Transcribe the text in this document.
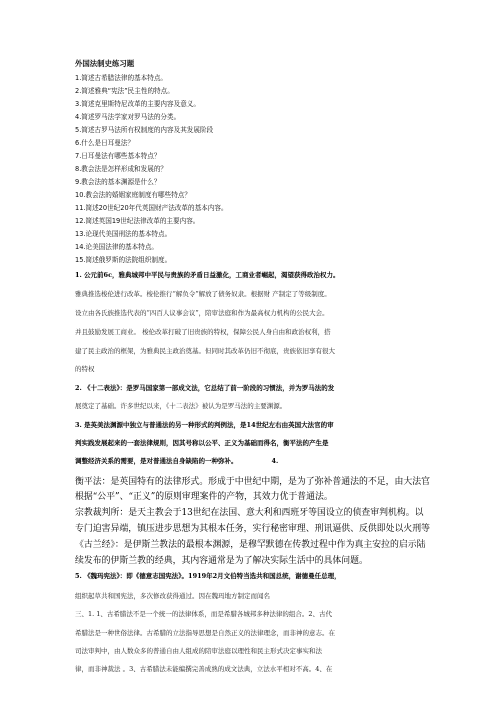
外国法制史练习题
1.简述古希腊法律的基本特点。
2.简述雅典“宪法”民主性的特点。
3.简述克里斯特尼改革的主要内容及意义。
4.简述罗马法学家对罗马法的分类。
5.简述古罗马法所有权制度的内容及其发展阶段
6.什么是日耳曼法？
7.日耳曼法有哪些基本特点？
8.教会法是怎样形成和发展的？
9.教会法的基本渊源是什么？
10.教会法的婚姻家庭制度有哪些特点？
11.简述20世纪20年代英国财产法改革的基本内容。
12.简述英国19世纪法律改革的主要内容。
13.论现代美国刑法的基本特点。
14.论美国法律的基本特点。
15.简述俄罗斯的法院组织制度。
1. 公元前6c，雅典城邦中平民与贵族的矛盾日益激化，工商业者崛起，渴望获得政治权力。
雅典推选梭伦进行改革。梭伦推行“解负令”解放了债务奴隶。根据财 产制定了等级制度。
设立由各氏族推选代表的“四百人议事会议”，陪审法庭和作为最高权力机构的公民大会。
并且鼓励发展工商业。 梭伦改革打破了旧贵族的特权，保障公民人身自由和政治权利，搭
建了民主政治的框架，为雅典民主政治奠基。但同时其改革仍旧不彻底，贵族依旧享有很大
的特权
2. 《十二表法》：是罗马国家第一部成文法，它总结了前一阶段的习惯法，并为罗马法的发
展奠定了基础。许多世纪以来，《十二表法》被认为是罗马法的主要渊源。
3. 是英美法渊源中独立与普通法的另一种形式的判例法，是14世纪左右由英国大法官的审
判实践发展起来的一套法律规则，因其号称以公平、正义为基础而得名，衡平法的产生是
调整经济关系的需要，是对普通法自身缺陷的一种弥补。	4.
衡平法：是英国特有的法律形式。形成于中世纪中期，是为了弥补普通法的不足，由大法官
根据“公平”、“正义”的原则审理案件的产物，其效力优于普通法。
宗教裁判所：是天主教会于13世纪在法国、意大利和西班牙等国设立的侦查审判机构。以
专门迫害异端，镇压进步思想为其根本任务，实行秘密审理、刑讯逼供、反供即处以火刑等
《古兰经》：是伊斯兰教法的最根本渊源，是穆罕默德在传教过程中作为真主安拉的启示陆
续发布的伊斯兰教的经典，其内容通常是为了解决实际生活中的具体问题。
5. 《魏玛宪法》：即《德意志国宪法》。1919年2月文伯特当选共和国总统，谢德曼任总理，
组织起草共和国宪法，多次修改获得通过。因在魏玛地方制定而闻名
三、1. 1、古希腊法不是一个统一的法律体系，而是希腊各城邦多种法律的组合。2、古代
希腊法是一种世俗法律。古希腊的立法指导思想是自然正义的法律理念，而非神的意志。在
司法审判中，由人数众多的普通自由人组成的陪审法庭以理性和民主形式决定事实和法
律，而非神裁法 。3、古希腊法未能编撰完善成熟的成文法典，立法水平相对不高。4、在
